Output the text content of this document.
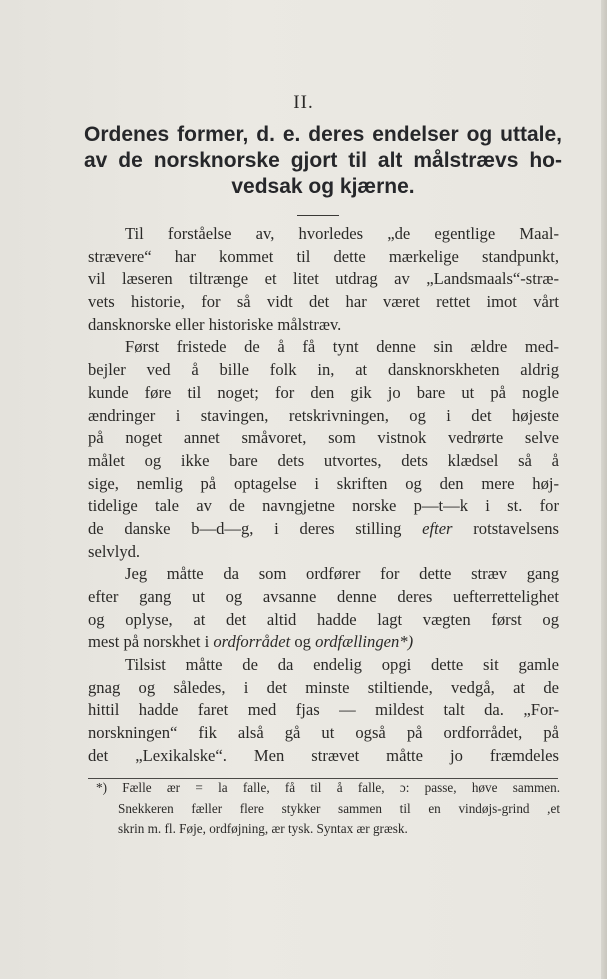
II.
Ordenes former, d. e. deres endelser og uttale,
av de norsknorske gjort til alt målstrævs ho-
vedsak og kjærne.
Til forståelse av, hvorledes „de egentlige Maal-
strævere“ har kommet til dette mærkelige standpunkt,
vil læseren tiltrænge et litet utdrag av „Landsmaals“-stræ-
vets historie, for så vidt det har været rettet imot vårt
dansknorske eller historiske målstræv.
Først fristede de å få tynt denne sin ældre med-
bejler ved å bille folk in, at dansknorskheten aldrig
kunde føre til noget; for den gik jo bare ut på nogle
ændringer i stavingen, retskrivningen, og i det højeste
på noget annet småvoret, som vistnok vedrørte selve
målet og ikke bare dets utvortes, dets klædsel så å
sige, nemlig på optagelse i skriften og den mere høj-
tidelige tale av de navngjetne norske p—t—k i st. for
de danske b—d—g, i deres stilling efter rotstavelsens
selvlyd.
Jeg måtte da som ordfører for dette stræv gang
efter gang ut og avsanne denne deres uefterrettelighet
og oplyse, at det altid hadde lagt vægten først og
mest på norskhet i ordforrådet og ordfællingen*)
Tilsist måtte de da endelig opgi dette sit gamle
gnag og således, i det minste stiltiende, vedgå, at de
hittil hadde faret med fjas — mildest talt da. „For-
norskningen“ fik alså gå ut også på ordforrådet, på
det „Lexikalske“. Men strævet måtte jo fræmdeles
*) Fælle ær = la falle, få til å falle, ɔ: passe, høve sammen.
Snekkeren fæller flere stykker sammen til en vindøjs-grind ,et
skrin m. fl. Føje, ordføjning, ær tysk. Syntax ær græsk.
